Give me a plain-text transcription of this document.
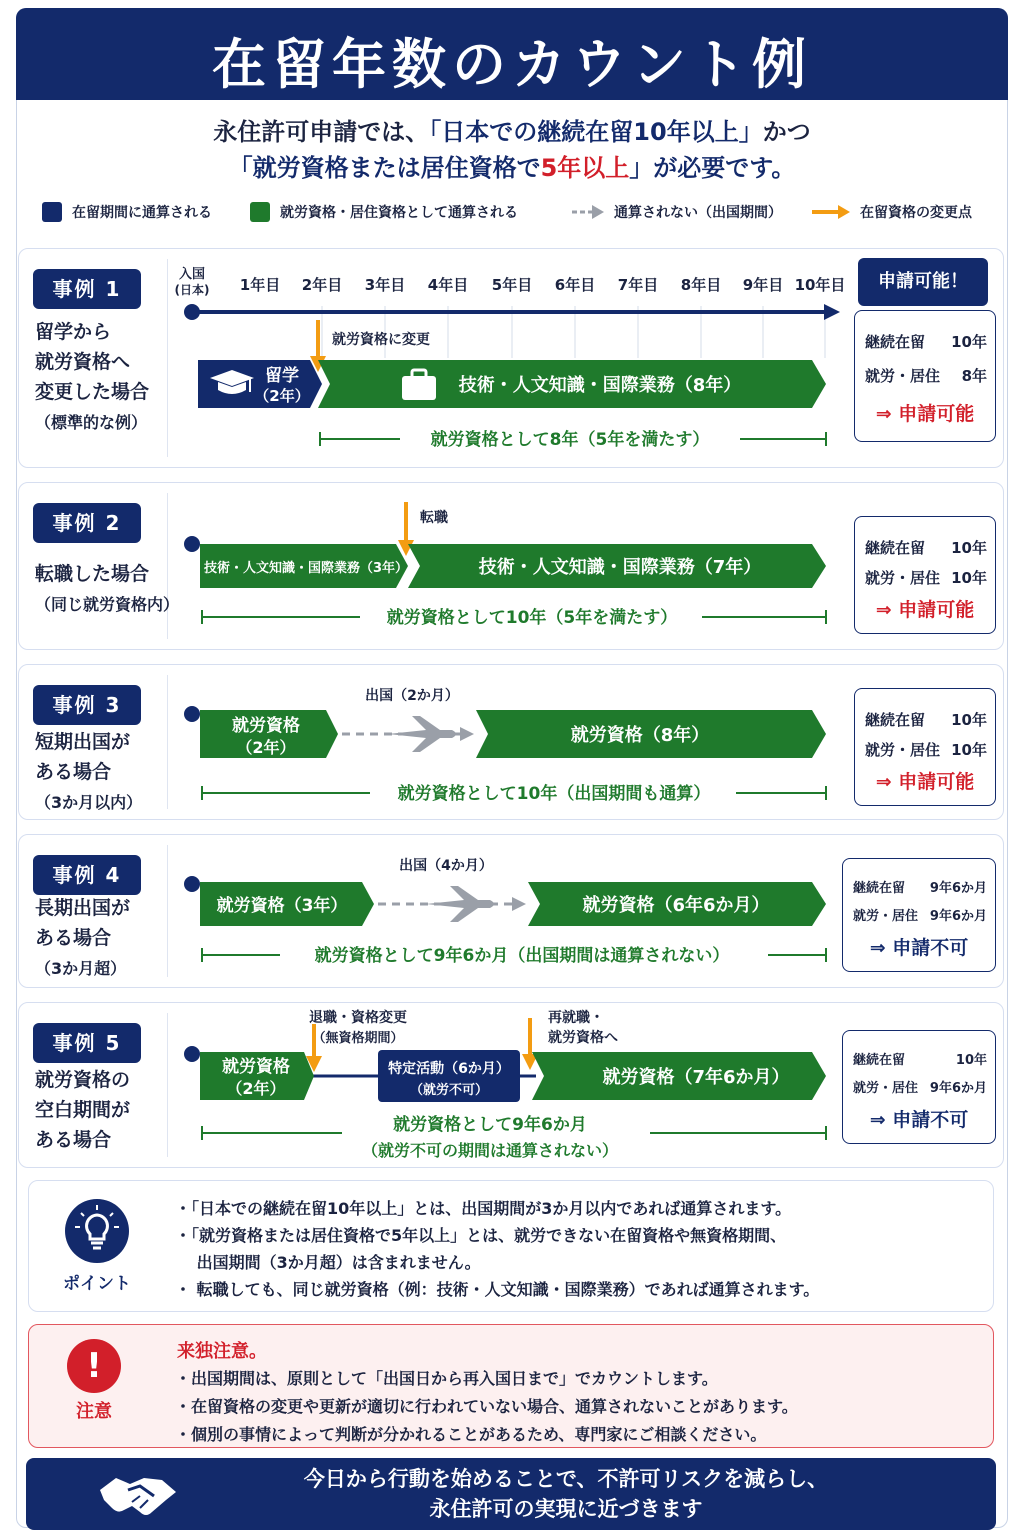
在留年数のカウント例
永住許可申請では、「日本での継続在留10年以上」かつ
「就労資格または居住資格で5年以上」が必要です。
在留期間に通算される	就労資格・居住資格として通算される	通算されない（出国期間）	在留資格の変更点
事例 1
留学から
就労資格へ
変更した場合
（標準的な例）
申請可能！
入国
(日本) 1年目 2年目 3年目 4年目 5年目 6年目 7年目 8年目 9年目 10年目
就労資格に変更
留学
（2年）	技術・人文知識・国際業務（8年）
就労資格として8年（5年を満たす）
継続在留 10年
就労・居住 8年
⇒ 申請可能
事例 2
転職した場合
（同じ就労資格内）
転職
技術・人文知識・国際業務（3年）	技術・人文知識・国際業務（7年）
就労資格として10年（5年を満たす）
継続在留 10年
就労・居住 10年
⇒ 申請可能
事例 3
短期出国が
ある場合
（3か月以内）
出国（2か月）
就労資格
（2年）
就労資格（8年）
就労資格として10年（出国期間も通算）
継続在留 10年
就労・居住 10年
⇒ 申請可能
事例 4
長期出国が
ある場合
（3か月超）
出国（4か月）
就労資格（3年）	就労資格（6年6か月）
就労資格として9年6か月（出国期間は通算されない）
継続在留 9年6か月
就労・居住 9年6か月
⇒ 申請不可
事例 5
就労資格の
空白期間が
ある場合
退職・資格変更
（無資格期間）
再就職・
就労資格へ
就労資格
（2年）
特定活動（6か月）
（就労不可）
就労資格（7年6か月）
就労資格として9年6か月
（就労不可の期間は通算されない）
継続在留	10年
就労・居住 9年6か月
⇒ 申請不可
ポイント
・「日本での継続在留10年以上」とは、出国期間が3か月以内であれば通算されます。
・「就労資格または居住資格で5年以上」とは、就労できない在留資格や無資格期間、
　 出国期間（3か月超）は含まれません。
・ 転職しても、同じ就労資格（例：技術・人文知識・国際業務）であれば通算されます。
!
注意
来独注意。
・出国期間は、原則として「出国日から再入国日まで」でカウントします。
・在留資格の変更や更新が適切に行われていない場合、通算されないことがあります。
・個別の事情によって判断が分かれることがあるため、専門家にご相談ください。
今日から行動を始めることで、不許可リスクを減らし、
永住許可の実現に近づきます
